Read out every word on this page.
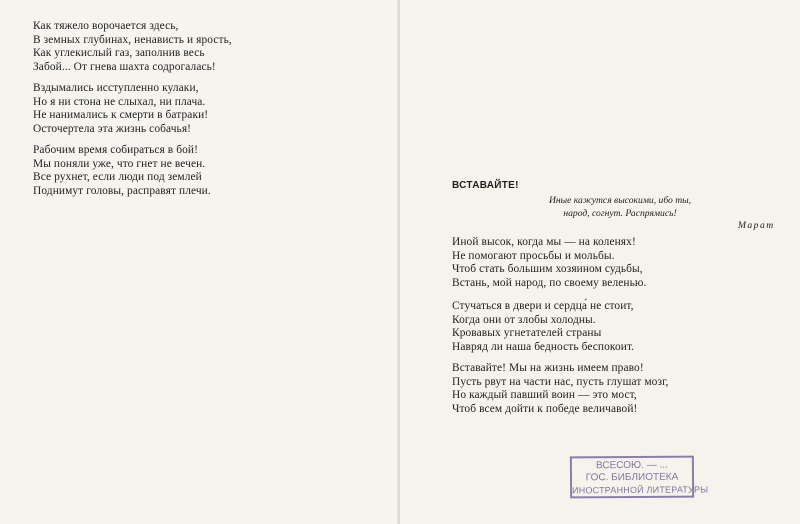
Как тяжело ворочается здесь,
В земных глубинах, ненависть и ярость,
Как углекислый газ, заполнив весь
Забой... От гнева шахта содрогалась!
Вздымались исступленно кулаки,
Но я ни стона не слыхал, ни плача.
Не нанимались к смерти в батраки!
Осточертела эта жизнь собачья!
Рабочим время собираться в бой!
Мы поняли уже, что гнет не вечен.
Все рухнет, если люди под землей
Поднимут головы, расправят плечи.	ВСТАВАЙТЕ!
Иные кажутся высокими, ибо ты,
народ, согнут. Распрямись!
Марат
Иной высок, когда мы — на коленях!
Не помогают просьбы и мольбы.
Чтоб стать большим хозяином судьбы,
Встань, мой народ, по своему веленью.
Стучаться в двери и сердца́ не стоит,
Когда они от злобы холодны.
Кровавых угнетателей страны
Навряд ли наша бедность беспокоит.
Вставайте! Мы на жизнь имеем право!
Пусть рвут на части нас, пусть глушат мозг,
Но каждый павший воин — это мост,
Чтоб всем дойти к победе величавой!
ВСЕСОЮ. — ...
ГОС. БИБЛИОТЕКА
ИНОСТРАННОЙ ЛИТЕРАТУРЫ
